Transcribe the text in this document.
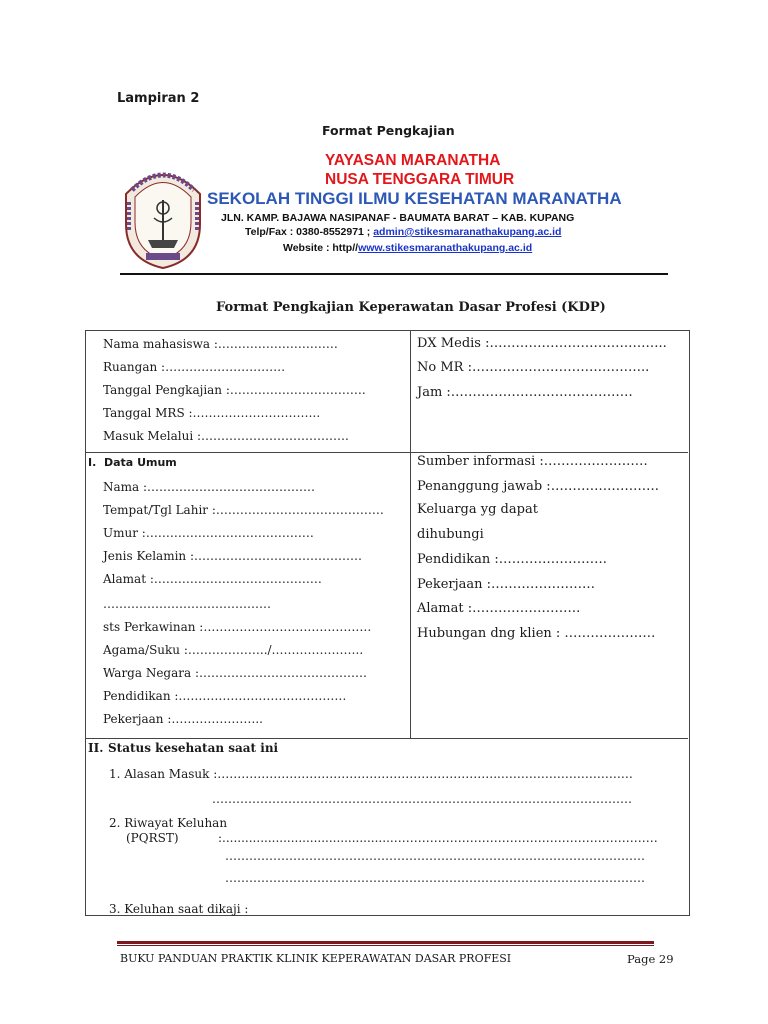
Lampiran 2
Format Pengkajian
YAYASAN MARANATHA
NUSA TENGGARA TIMUR
SEKOLAH TINGGI ILMU KESEHATAN MARANATHA
JLN. KAMP. BAJAWA NASIPANAF - BAUMATA BARAT – KAB. KUPANG
Telp/Fax : 0380-8552971 ; admin@stikesmaranathakupang.ac.id
Website : http//www.stikesmaranathakupang.ac.id
Format Pengkajian Keperawatan Dasar Profesi (KDP)
Nama mahasiswa :…………………………
Ruangan :…………………………
Tanggal Pengkajian :…………………………….
Tanggal MRS :…………………………..
Masuk Melalui :……………………………….
DX Medis :…………………………………..
No MR :…………………………………..
Jam :……………………………………
I. Data Umum
Nama :……………………………………
Tempat/Tgl Lahir :……………………………………
Umur :……………………………………
Jenis Kelamin :……………………………………
Alamat :……………………………………
……………………………………
sts Perkawinan :……………………………………
Agama/Suku :………………../…………………..
Warga Negara :……………………………………
Pendidikan :……………………………………
Pekerjaan :…………………..
Sumber informasi :……………………
Penanggung jawab :…………………….
Keluarga yg dapat
dihubungi
Pendidikan :…………………….
Pekerjaan :……………………
Alamat :…………………….
Hubungan dng klien : …………………
II. Status kesehatan saat ini
1. Alasan Masuk :……………………………………………………………..……………………………
……………………………………………………………………………………………
2. Riwayat Keluhan
(PQRST)	:.............................................…………………………………………………………
……………………………………………………………………………………………
……………………………………………………………………………………………
3. Keluhan saat dikaji :
BUKU PANDUAN PRAKTIK KLINIK KEPERAWATAN DASAR PROFESI	Page 29
